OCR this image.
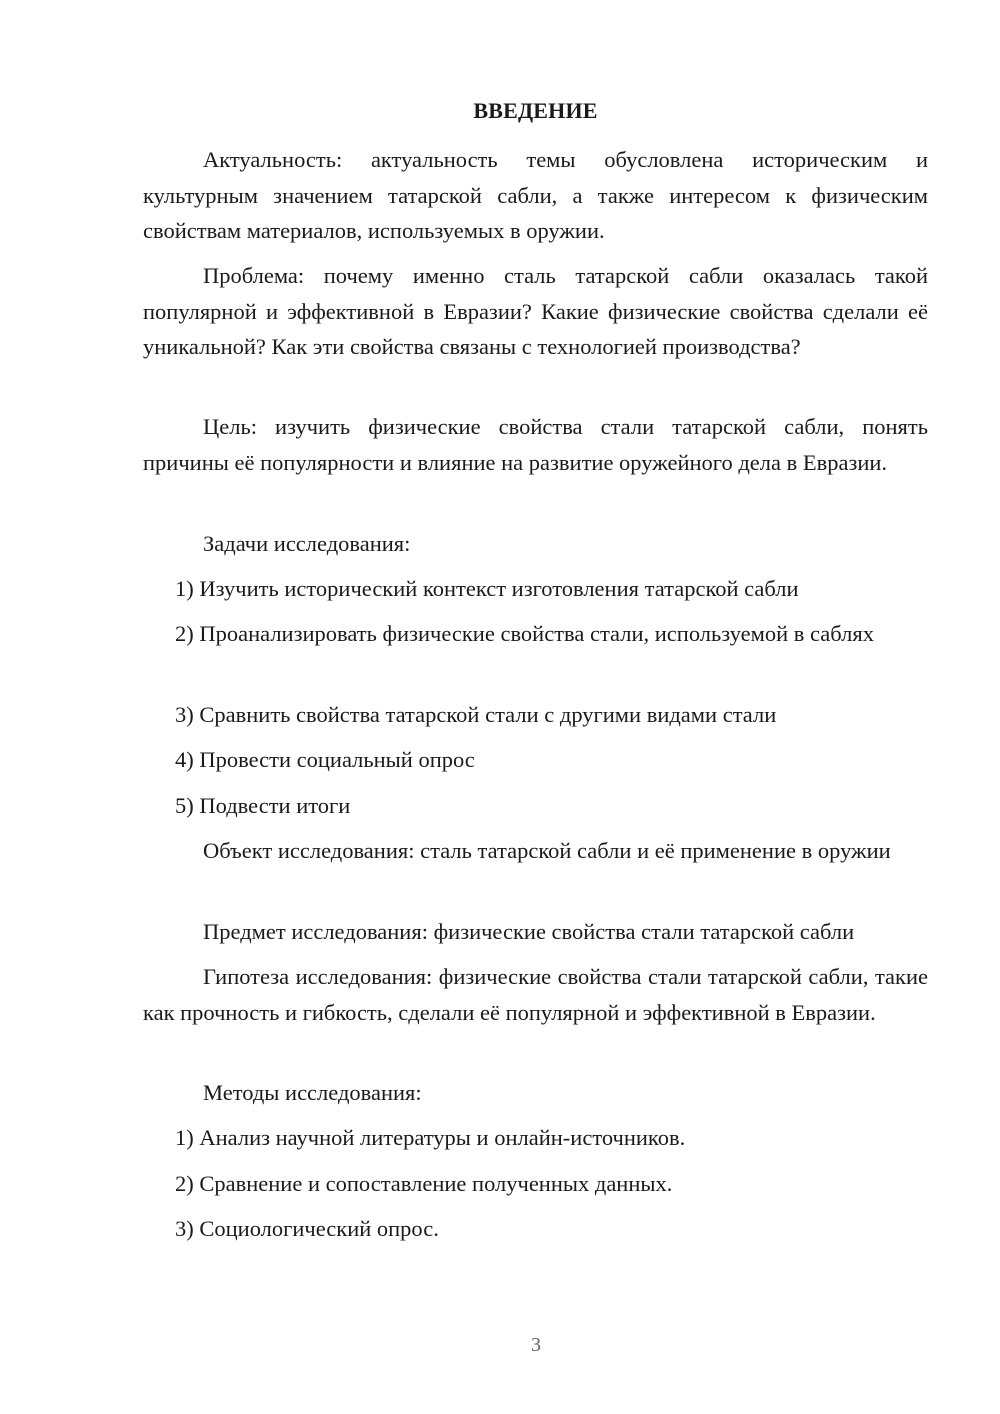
ВВЕДЕНИЕ

Актуальность: актуальность темы обусловлена историческим и культурным значением татарской сабли, а также интересом к физическим свойствам материалов, используемых в оружии.

Проблема: почему именно сталь татарской сабли оказалась такой популярной и эффективной в Евразии? Какие физические свойства сделали её уникальной? Как эти свойства связаны с технологией производства?

Цель: изучить физические свойства стали татарской сабли, понять причины её популярности и влияние на развитие оружейного дела в Евразии.

Задачи исследования:

1) Изучить исторический контекст изготовления татарской сабли

2) Проанализировать физические свойства стали, используемой в саблях

3) Сравнить свойства татарской стали с другими видами стали

4) Провести социальный опрос

5) Подвести итоги

Объект исследования: сталь татарской сабли и её применение в оружии

Предмет исследования: физические свойства стали татарской сабли

Гипотеза исследования: физические свойства стали татарской сабли, такие как прочность и гибкость, сделали её популярной и эффективной в Евразии.

Методы исследования:

1) Анализ научной литературы и онлайн-источников.

2) Сравнение и сопоставление полученных данных.

3) Социологический опрос.

3
